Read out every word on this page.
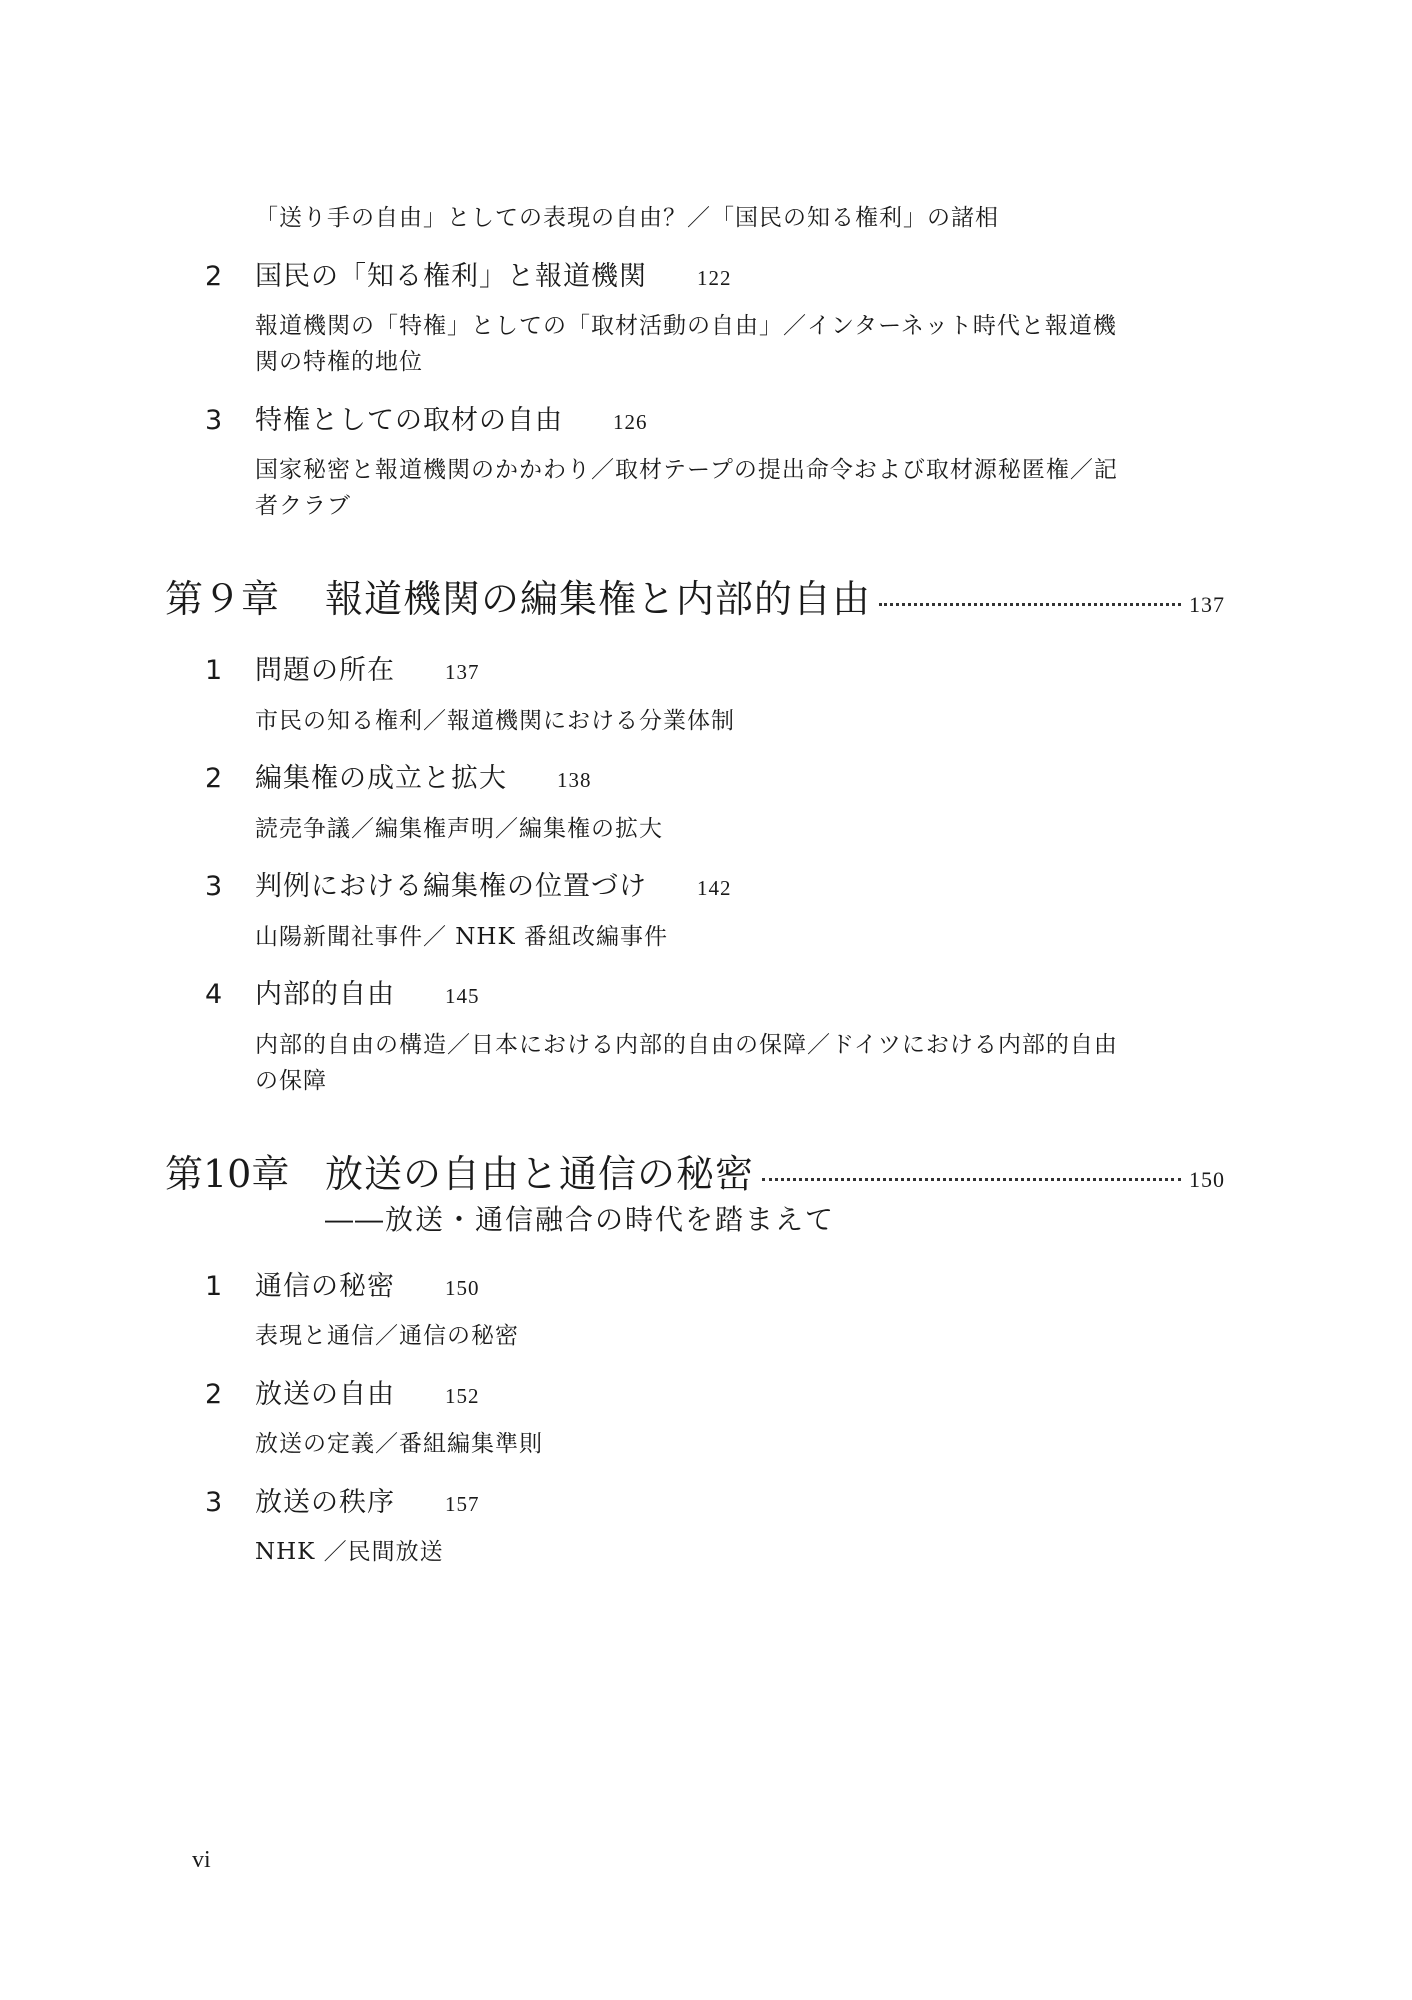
「送り手の自由」としての表現の自由？／「国民の知る権利」の諸相
2	国民の「知る権利」と報道機関 122
報道機関の「特権」としての「取材活動の自由」／インターネット時代と報道機
関の特権的地位
3	特権としての取材の自由 126
国家秘密と報道機関のかかわり／取材テープの提出命令および取材源秘匿権／記
者クラブ
第９章	報道機関の編集権と内部的自由	137
1	問題の所在 137
市民の知る権利／報道機関における分業体制
2	編集権の成立と拡大 138
読売争議／編集権声明／編集権の拡大
3	判例における編集権の位置づけ 142
山陽新聞社事件／ NHK 番組改編事件
4	内部的自由 145
内部的自由の構造／日本における内部的自由の保障／ドイツにおける内部的自由
の保障
第10章 放送の自由と通信の秘密	150
――放送・通信融合の時代を踏まえて
1	通信の秘密 150
表現と通信／通信の秘密
2	放送の自由 152
放送の定義／番組編集準則
3	放送の秩序 157
NHK ／民間放送
vi
